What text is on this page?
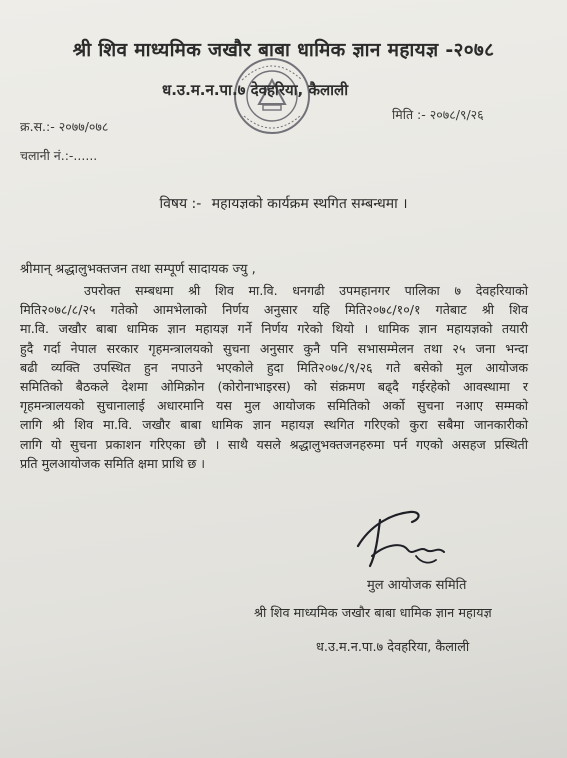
श्री शिव माध्यमिक जखौर बाबा धामिक ज्ञान महायज्ञ -२०७८
ध.उ.म.न.पा.७ देवहरिया, कैलाली
क्र.स.:- २०७७/०७८
मिति :- २०७८/९/२६
चलानी नं.:-......
विषय :- महायज्ञको कार्यक्रम स्थगित सम्बन्धमा ।
श्रीमान् श्रद्धालुभक्तजन तथा सम्पूर्ण सादायक ज्यु ,
उपरोक्त सम्बधमा श्री शिव मा.वि. धनगढी उपमहानगर पालिका ७ देवहरियाको
मिति२०७८/८/२५ गतेको आमभेलाको निर्णय अनुसार यहि मिति२०७८/१०/१ गतेबाट श्री शिव
मा.वि. जखौर बाबा धामिक ज्ञान महायज्ञ गर्ने निर्णय गरेको थियो । धामिक ज्ञान महायज्ञको तयारी
हुदै गर्दा नेपाल सरकार गृहमन्त्रालयको सुचना अनुसार कुनै पनि सभासम्मेलन तथा २५ जना भन्दा
बढी व्यक्ति उपस्थित हुन नपाउने भएकोले हुदा मिति२०७८/९/२६ गते बसेको मुल आयोजक
समितिको बैठकले देशमा ओमिक्रोन (कोरोनाभाइरस) को संक्रमण बढ्दै गईरहेको आवस्थामा र
गृहमन्त्रालयको सुचानालाई अधारमानि यस मुल आयोजक समितिको अर्को सुचना नआए सम्मको
लागि श्री शिव मा.वि. जखौर बाबा धामिक ज्ञान महायज्ञ स्थगित गरिएको कुरा सबैमा जानकारीको
लागि यो सुचना प्रकाशन गरिएका छौ । साथै यसले श्रद्धालुभक्तजनहरुमा पर्न गएको असहज प्रस्थिती
प्रति मुलआयोजक समिति क्षमा प्राथि छ ।
मुल आयोजक समिति
श्री शिव माध्यमिक जखौर बाबा धामिक ज्ञान महायज्ञ
ध.उ.म.न.पा.७ देवहरिया, कैलाली
